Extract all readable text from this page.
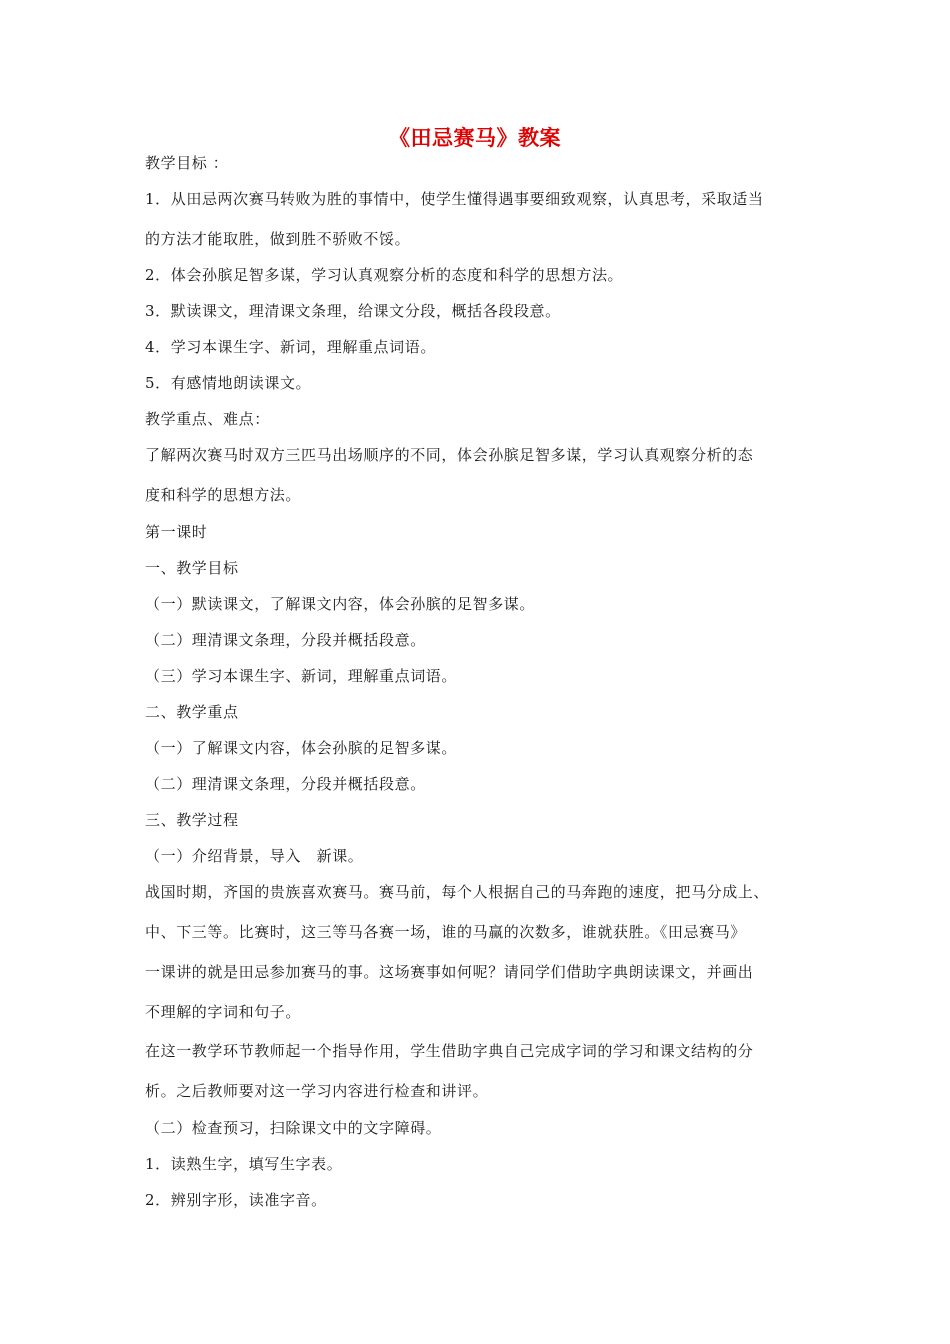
《田忌赛马》教案
教学目标 ：
1．从田忌两次赛马转败为胜的事情中，使学生懂得遇事要细致观察，认真思考，采取适当
的方法才能取胜，做到胜不骄败不馁。
2．体会孙膑足智多谋，学习认真观察分析的态度和科学的思想方法。
3．默读课文，理清课文条理，给课文分段，概括各段段意。
4．学习本课生字、新词，理解重点词语。
5．有感情地朗读课文。
教学重点、难点：
了解两次赛马时双方三匹马出场顺序的不同，体会孙膑足智多谋，学习认真观察分析的态
度和科学的思想方法。
第一课时
一、教学目标
（一）默读课文，了解课文内容，体会孙膑的足智多谋。
（二）理清课文条理，分段并概括段意。
（三）学习本课生字、新词，理解重点词语。
二、教学重点
（一）了解课文内容，体会孙膑的足智多谋。
（二）理清课文条理，分段并概括段意。
三、教学过程
（一）介绍背景，导入　新课。
战国时期，齐国的贵族喜欢赛马。赛马前，每个人根据自己的马奔跑的速度，把马分成上、
中、下三等。比赛时，这三等马各赛一场，谁的马赢的次数多，谁就获胜。《田忌赛马》
一课讲的就是田忌参加赛马的事。这场赛事如何呢？请同学们借助字典朗读课文，并画出
不理解的字词和句子。
在这一教学环节教师起一个指导作用，学生借助字典自己完成字词的学习和课文结构的分
析。之后教师要对这一学习内容进行检查和讲评。
（二）检查预习，扫除课文中的文字障碍。
1．读熟生字，填写生字表。
2．辨别字形，读准字音。
